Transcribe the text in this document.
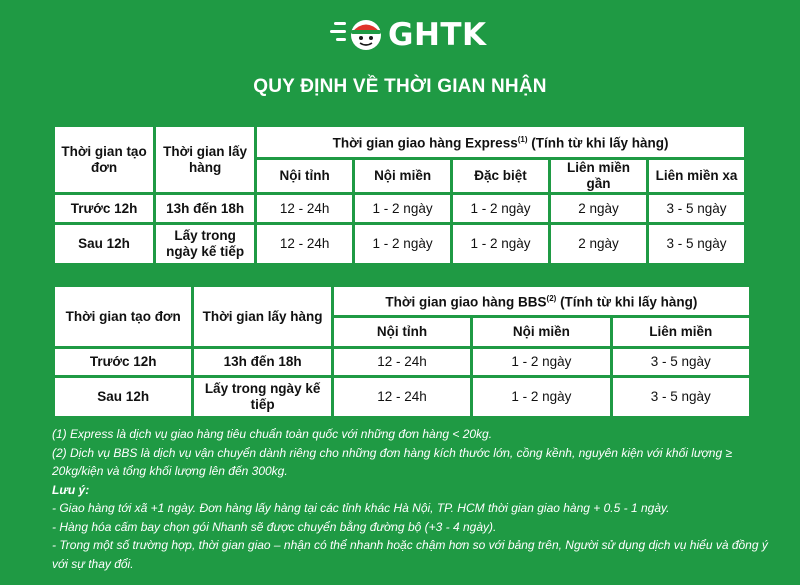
GHTK
QUY ĐỊNH VỀ THỜI GIAN NHẬN
Thời gian tạo đơn	Thời gian lấy hàng	Thời gian giao hàng Express$^{(1)}$ (Tính từ khi lấy hàng)				
		Nội tỉnh	Nội miền	Đặc biệt	Liên miền gần	Liên miền xa
Trước 12h	13h đến 18h	12 - 24h	1 - 2 ngày	1 - 2 ngày	2 ngày	3 - 5 ngày
Sau 12h	Lấy trong ngày kế tiếp	12 - 24h	1 - 2 ngày	1 - 2 ngày	2 ngày	3 - 5 ngày
Thời gian tạo đơn	Thời gian lấy hàng	Thời gian giao hàng BBS$^{(2)}$ (Tính từ khi lấy hàng)		
		Nội tỉnh	Nội miền	Liên miền
Trước 12h	13h đến 18h	12 - 24h	1 - 2 ngày	3 - 5 ngày
Sau 12h	Lấy trong ngày kế tiếp	12 - 24h	1 - 2 ngày	3 - 5 ngày

(1) Express là dịch vụ giao hàng tiêu chuẩn toàn quốc với những đơn hàng < 20kg.

(2) Dịch vụ BBS là dịch vụ vận chuyển dành riêng cho những đơn hàng kích thước lớn, cồng kềnh, nguyên kiện với khối lượng ≥ 20kg/kiện và tổng khối lượng lên đến 300kg.

Lưu ý:

- Giao hàng tới xã +1 ngày. Đơn hàng lấy hàng tại các tỉnh khác Hà Nội, TP. HCM thời gian giao hàng + 0.5 - 1 ngày.

- Hàng hóa cấm bay chọn gói Nhanh sẽ được chuyển bằng đường bộ (+3 - 4 ngày).

- Trong một số trường hợp, thời gian giao – nhận có thể nhanh hoặc chậm hơn so với bảng trên, Người sử dụng dịch vụ hiểu và đồng ý với sự thay đổi.
